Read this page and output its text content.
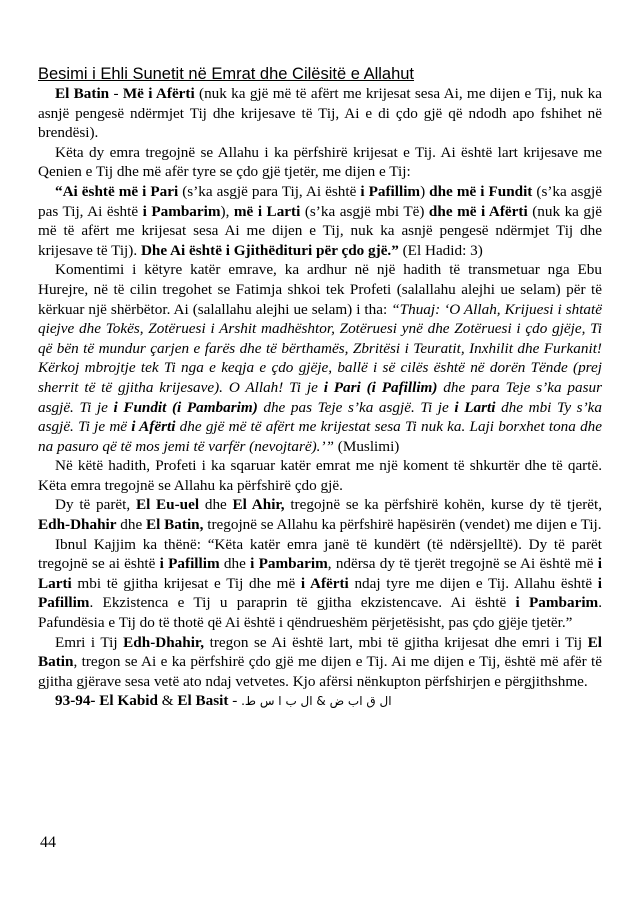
Besimi i Ehli Sunetit në Emrat dhe Cilësitë e Allahut

El Batin - Më i Afërti (nuk ka gjë më të afërt me krijesat sesa Ai, me dijen e Tij, nuk ka asnjë pengesë ndërmjet Tij dhe krijesave të Tij, Ai e di çdo gjë që ndodh apo fshihet në brendësi).

Këta dy emra tregojnë se Allahu i ka përfshirë krijesat e Tij. Ai është lart krijesave me Qenien e Tij dhe më afër tyre se çdo gjë tjetër, me dijen e Tij:

“Ai është më i Pari (s’ka asgjë para Tij, Ai është i Pafillim) dhe më i Fundit (s’ka asgjë pas Tij, Ai është i Pambarim), më i Larti (s’ka asgjë mbi Të) dhe më i Afërti (nuk ka gjë më të afërt me krijesat sesa Ai me dijen e Tij, nuk ka asnjë pengesë ndërmjet Tij dhe krijesave të Tij). Dhe Ai është i Gjithëdituri për çdo gjë.” (El Hadid: 3)

Komentimi i këtyre katër emrave, ka ardhur në një hadith të transmetuar nga Ebu Hurejre, në të cilin tregohet se Fatimja shkoi tek Profeti (salallahu alejhi ue selam) për të kërkuar një shërbëtor. Ai (salallahu alejhi ue selam) i tha: “Thuaj: ‘O Allah, Krijuesi i shtatë qiejve dhe Tokës, Zotëruesi i Arshit madhështor, Zotëruesi ynë dhe Zotëruesi i çdo gjëje, Ti që bën të mundur çarjen e farës dhe të bërthamës, Zbritësi i Teuratit, Inxhilit dhe Furkanit! Kërkoj mbrojtje tek Ti nga e keqja e çdo gjëje, ballë i së cilës është në dorën Tënde (prej sherrit të të gjitha krijesave). O Allah! Ti je i Pari (i Pafillim) dhe para Teje s’ka pasur asgjë. Ti je i Fundit (i Pambarim) dhe pas Teje s’ka asgjë. Ti je i Larti dhe mbi Ty s’ka asgjë. Ti je më i Afërti dhe gjë më të afërt me krijestat sesa Ti nuk ka. Laji borxhet tona dhe na pasuro që të mos jemi të varfër (nevojtarë).’” (Muslimi)

Në këtë hadith, Profeti i ka sqaruar katër emrat me një koment të shkurtër dhe të qartë. Këta emra tregojnë se Allahu ka përfshirë çdo gjë.

Dy të parët, El Eu-uel dhe El Ahir, tregojnë se ka përfshirë kohën, kurse dy të tjerët, Edh-Dhahir dhe El Batin, tregojnë se Allahu ka përfshirë hapësirën (vendet) me dijen e Tij.

Ibnul Kajjim ka thënë: “Këta katër emra janë të kundërt (të ndërsjelltë). Dy të parët tregojnë se ai është i Pafillim dhe i Pambarim, ndërsa dy të tjerët tregojnë se Ai është më i Larti mbi të gjitha krijesat e Tij dhe më i Afërti ndaj tyre me dijen e Tij. Allahu është i Pafillim. Ekzistenca e Tij u paraprin të gjitha ekzistencave. Ai është i Pambarim. Pafundësia e Tij do të thotë që Ai është i qëndrueshëm përjetësisht, pas çdo gjëje tjetër.”

Emri i Tij Edh-Dhahir, tregon se Ai është lart, mbi të gjitha krijesat dhe emri i Tij El Batin, tregon se Ai e ka përfshirë çdo gjë me dijen e Tij. Ai me dijen e Tij, është më afër të gjitha gjërave sesa vetë ato ndaj vetvetes. Kjo afërsi nënkupton përfshirjen e përgjithshme.

93-94- El Kabid & El Basit - ال ق اب ض & ال ب ا س ط.

44
